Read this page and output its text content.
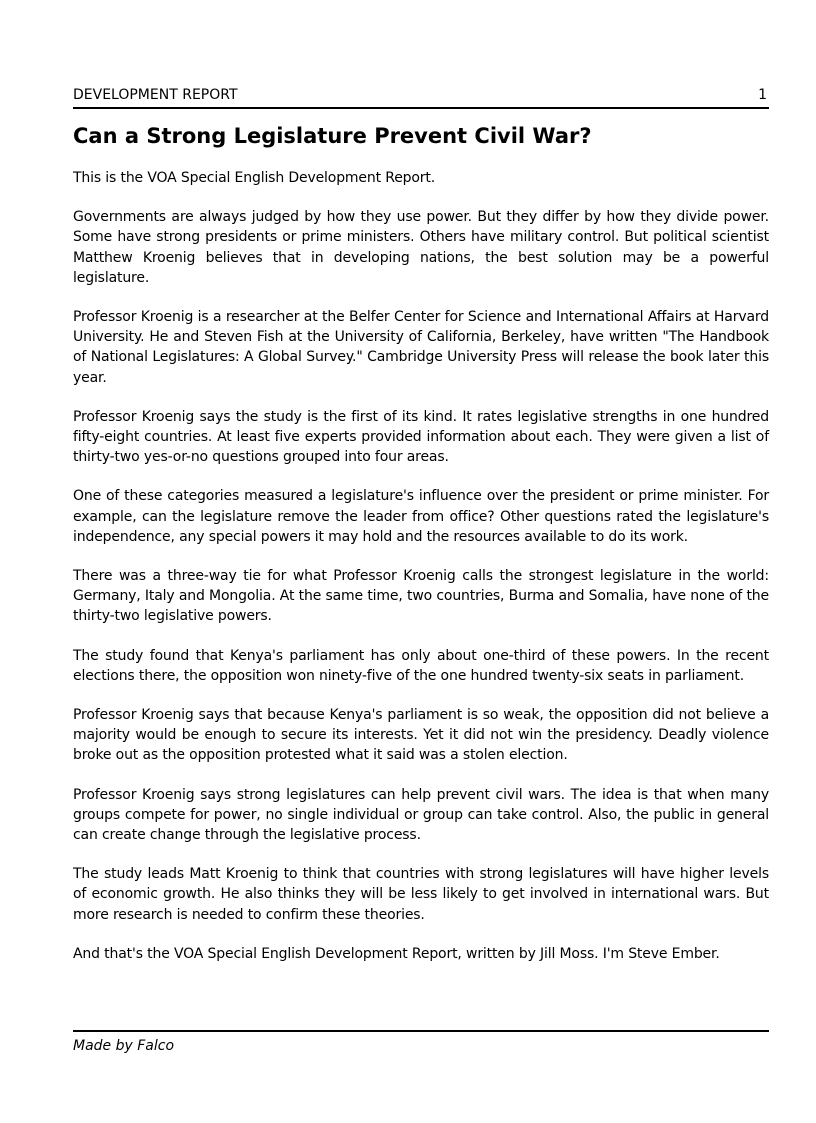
DEVELOPMENT REPORT	1
Can a Strong Legislature Prevent Civil War?

This is the VOA Special English Development Report.

Governments are always judged by how they use power. But they differ by how they divide power. Some have strong presidents or prime ministers. Others have military control. But political scientist Matthew Kroenig believes that in developing nations, the best solution may be a powerful legislature.

Professor Kroenig is a researcher at the Belfer Center for Science and International Affairs at Harvard University. He and Steven Fish at the University of California, Berkeley, have written "The Handbook of National Legislatures: A Global Survey." Cambridge University Press will release the book later this year.

Professor Kroenig says the study is the first of its kind. It rates legislative strengths in one hundred fifty-eight countries. At least five experts provided information about each. They were given a list of thirty-two yes-or-no questions grouped into four areas.

One of these categories measured a legislature's influence over the president or prime minister. For example, can the legislature remove the leader from office? Other questions rated the legislature's independence, any special powers it may hold and the resources available to do its work.

There was a three-way tie for what Professor Kroenig calls the strongest legislature in the world: Germany, Italy and Mongolia. At the same time, two countries, Burma and Somalia, have none of the thirty-two legislative powers.

The study found that Kenya's parliament has only about one-third of these powers. In the recent elections there, the opposition won ninety-five of the one hundred twenty-six seats in parliament.

Professor Kroenig says that because Kenya's parliament is so weak, the opposition did not believe a majority would be enough to secure its interests. Yet it did not win the presidency. Deadly violence broke out as the opposition protested what it said was a stolen election.

Professor Kroenig says strong legislatures can help prevent civil wars. The idea is that when many groups compete for power, no single individual or group can take control. Also, the public in general can create change through the legislative process.

The study leads Matt Kroenig to think that countries with strong legislatures will have higher levels of economic growth. He also thinks they will be less likely to get involved in international wars. But more research is needed to confirm these theories.

And that's the VOA Special English Development Report, written by Jill Moss. I'm Steve Ember.

Made by Falco
